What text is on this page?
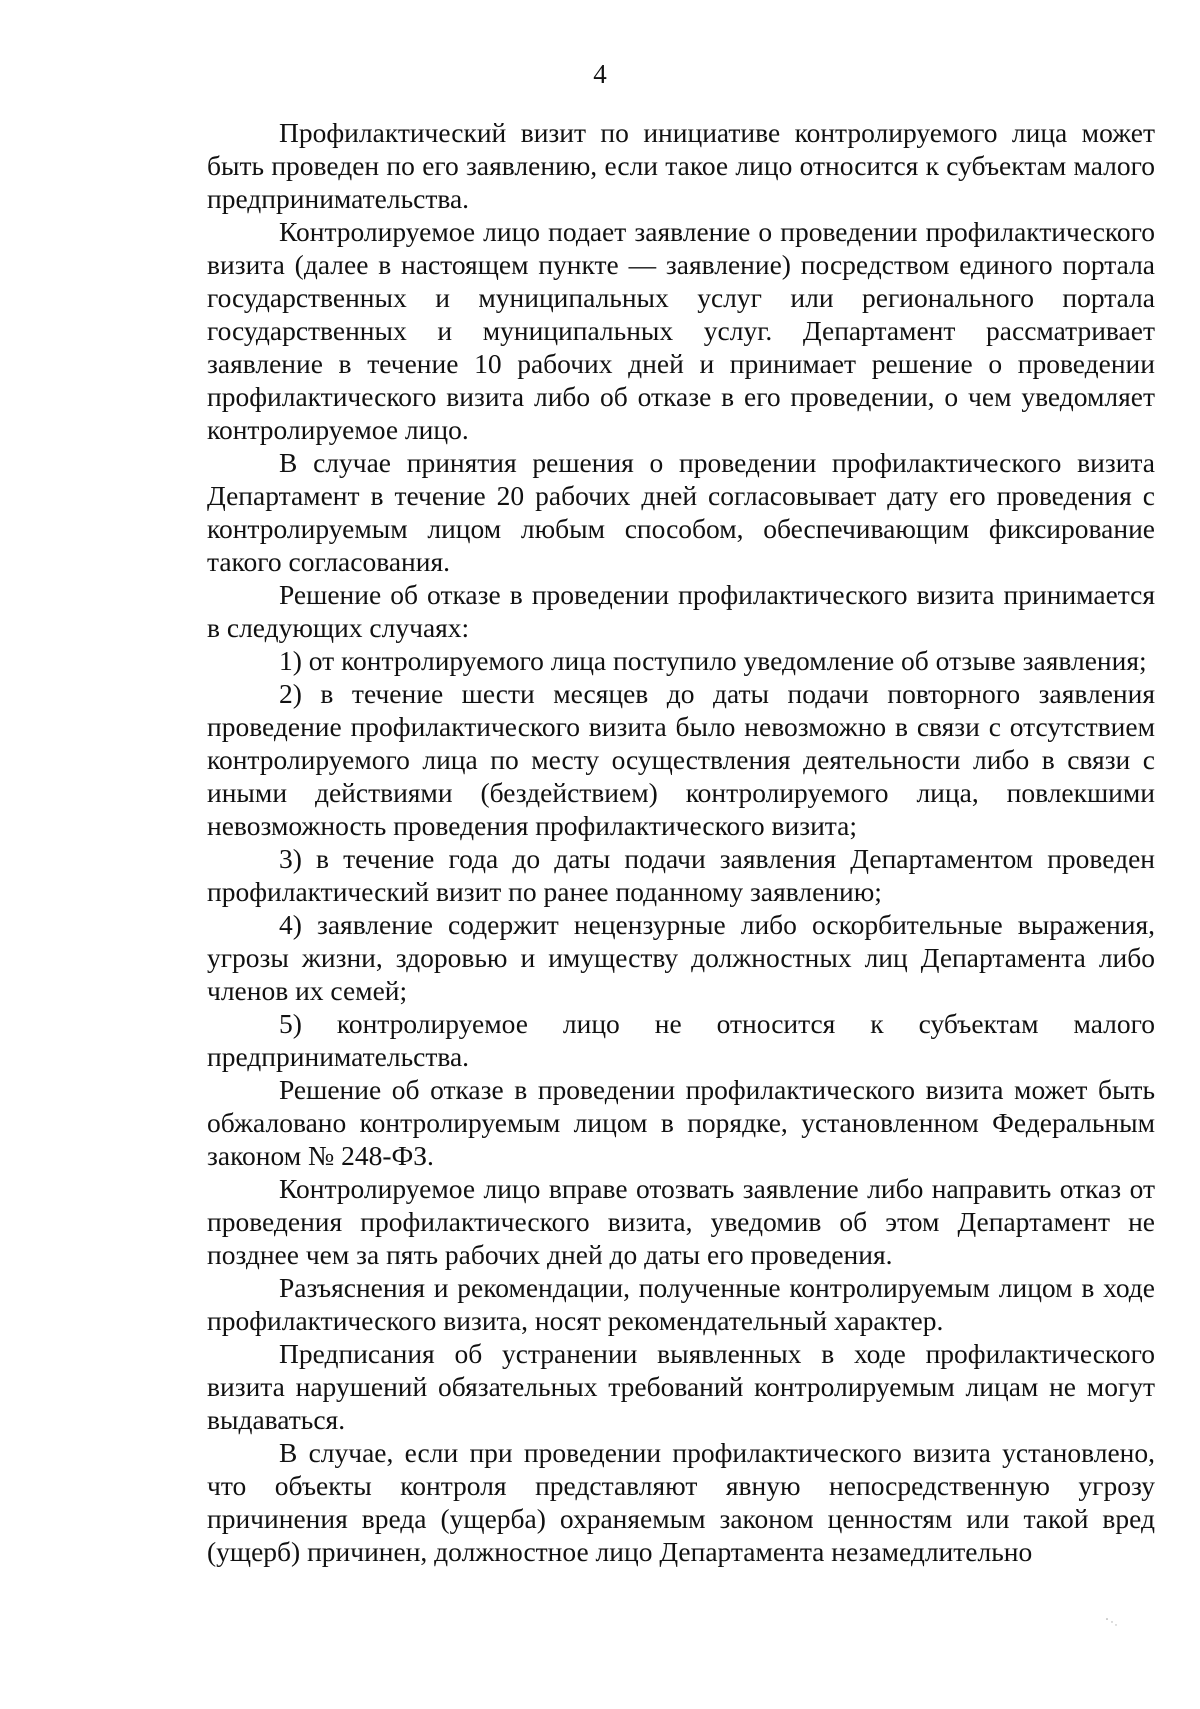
4

Профилактический визит по инициативе контролируемого лица может быть проведен по его заявлению, если такое лицо относится к субъектам малого предпринимательства.

Контролируемое лицо подает заявление о проведении профилактического визита (далее в настоящем пункте — заявление) посредством единого портала государственных и муниципальных услуг или регионального портала государственных и муниципальных услуг. Департамент рассматривает заявление в течение 10 рабочих дней и принимает решение о проведении профилактического визита либо об отказе в его проведении, о чем уведомляет контролируемое лицо.

В случае принятия решения о проведении профилактического визита Департамент в течение 20 рабочих дней согласовывает дату его проведения с контролируемым лицом любым способом, обеспечивающим фиксирование такого согласования.

Решение об отказе в проведении профилактического визита принимается в следующих случаях:

1) от контролируемого лица поступило уведомление об отзыве заявления;

2) в течение шести месяцев до даты подачи повторного заявления проведение профилактического визита было невозможно в связи с отсутствием контролируемого лица по месту осуществления деятельности либо в связи с иными действиями (бездействием) контролируемого лица, повлекшими невозможность проведения профилактического визита;

3) в течение года до даты подачи заявления Департаментом проведен профилактический визит по ранее поданному заявлению;

4) заявление содержит нецензурные либо оскорбительные выражения, угрозы жизни, здоровью и имуществу должностных лиц Департамента либо членов их семей;

5) контролируемое лицо не относится к субъектам малого предпринимательства.

Решение об отказе в проведении профилактического визита может быть обжаловано контролируемым лицом в порядке, установленном Федеральным законом № 248-ФЗ.

Контролируемое лицо вправе отозвать заявление либо направить отказ от проведения профилактического визита, уведомив об этом Департамент не позднее чем за пять рабочих дней до даты его проведения.

Разъяснения и рекомендации, полученные контролируемым лицом в ходе профилактического визита, носят рекомендательный характер.

Предписания об устранении выявленных в ходе профилактического визита нарушений обязательных требований контролируемым лицам не могут выдаваться.

В случае, если при проведении профилактического визита установлено, что объекты контроля представляют явную непосредственную угрозу причинения вреда (ущерба) охраняемым законом ценностям или такой вред (ущерб) причинен, должностное лицо Департамента незамедлительно
